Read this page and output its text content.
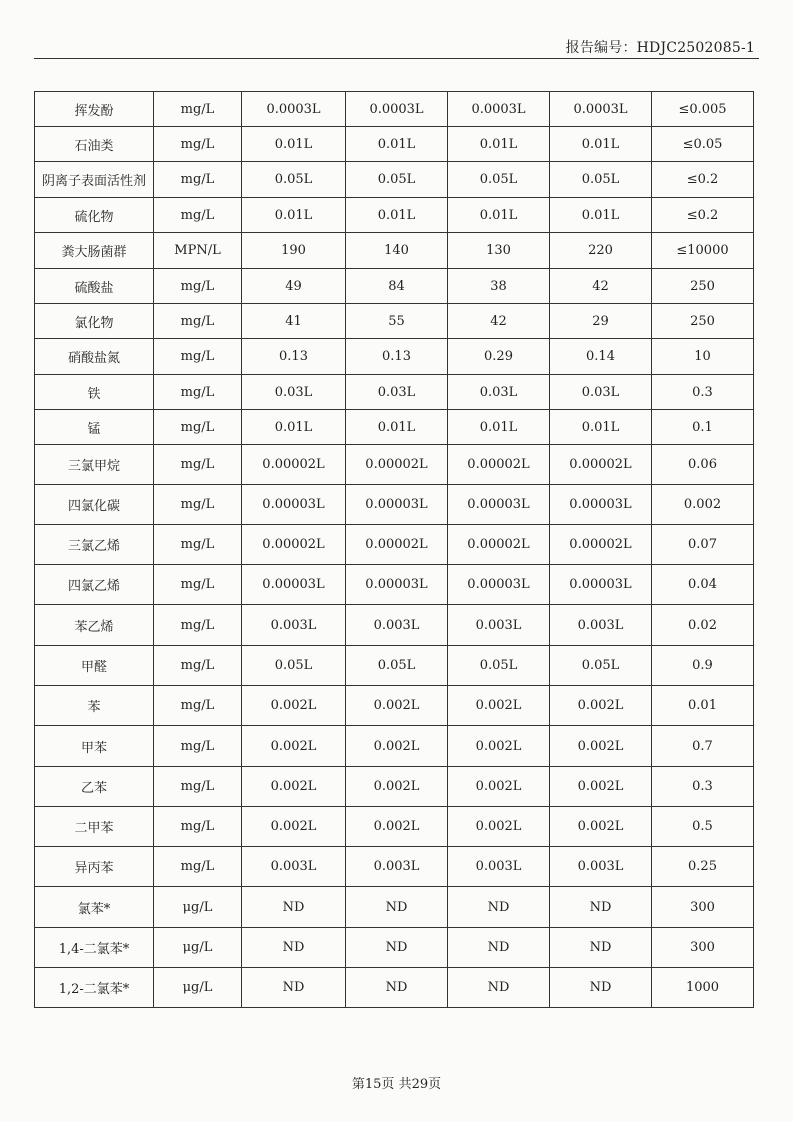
报告编号：HDJC2502085-1
挥发酚	mg/L	0.0003L	0.0003L	0.0003L	0.0003L	≤0.005
石油类	mg/L	0.01L	0.01L	0.01L	0.01L	≤0.05
阴离子表面活性剂	mg/L	0.05L	0.05L	0.05L	0.05L	≤0.2
硫化物	mg/L	0.01L	0.01L	0.01L	0.01L	≤0.2
粪大肠菌群	MPN/L	190	140	130	220	≤10000
硫酸盐	mg/L	49	84	38	42	250
氯化物	mg/L	41	55	42	29	250
硝酸盐氮	mg/L	0.13	0.13	0.29	0.14	10
铁	mg/L	0.03L	0.03L	0.03L	0.03L	0.3
锰	mg/L	0.01L	0.01L	0.01L	0.01L	0.1
三氯甲烷	mg/L	0.00002L	0.00002L	0.00002L	0.00002L	0.06
四氯化碳	mg/L	0.00003L	0.00003L	0.00003L	0.00003L	0.002
三氯乙烯	mg/L	0.00002L	0.00002L	0.00002L	0.00002L	0.07
四氯乙烯	mg/L	0.00003L	0.00003L	0.00003L	0.00003L	0.04
苯乙烯	mg/L	0.003L	0.003L	0.003L	0.003L	0.02
甲醛	mg/L	0.05L	0.05L	0.05L	0.05L	0.9
苯	mg/L	0.002L	0.002L	0.002L	0.002L	0.01
甲苯	mg/L	0.002L	0.002L	0.002L	0.002L	0.7
乙苯	mg/L	0.002L	0.002L	0.002L	0.002L	0.3
二甲苯	mg/L	0.002L	0.002L	0.002L	0.002L	0.5
异丙苯	mg/L	0.003L	0.003L	0.003L	0.003L	0.25
氯苯*	μg/L	ND	ND	ND	ND	300
1,4-二氯苯*	μg/L	ND	ND	ND	ND	300
1,2-二氯苯*	μg/L	ND	ND	ND	ND	1000
第15页 共29页
